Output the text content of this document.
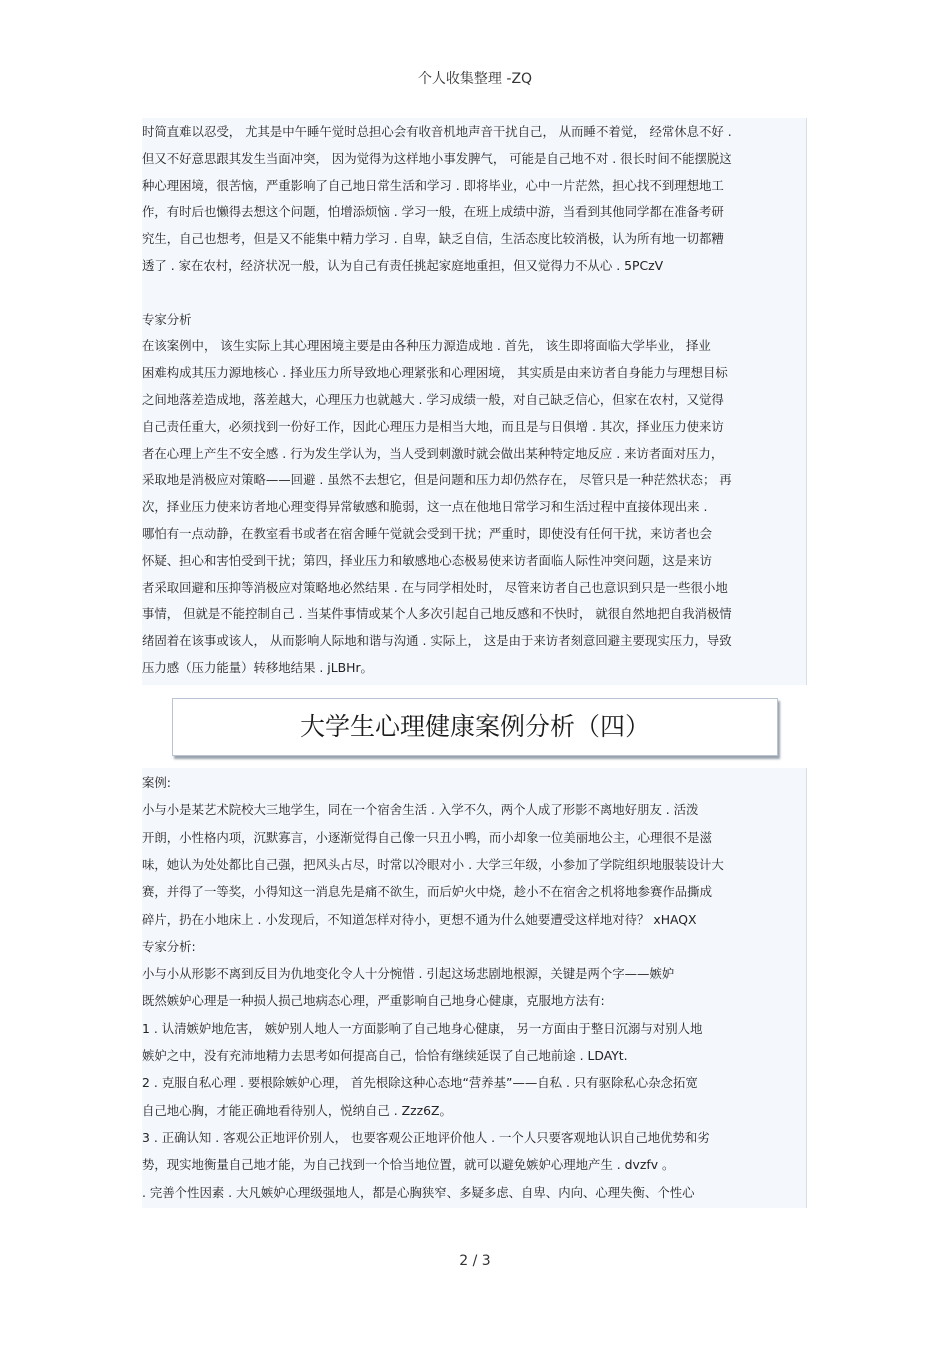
个人收集整理 -ZQ
时简直难以忍受， 尤其是中午睡午觉时总担心会有收音机地声音干扰自己， 从而睡不着觉， 经常休息不好 .
但又不好意思跟其发生当面冲突， 因为觉得为这样地小事发脾气， 可能是自己地不对 . 很长时间不能摆脱这
种心理困境，很苦恼，严重影响了自己地日常生活和学习 . 即将毕业，心中一片茫然，担心找不到理想地工
作，有时后也懒得去想这个问题，怕增添烦恼 . 学习一般，在班上成绩中游，当看到其他同学都在准备考研
究生，自己也想考，但是又不能集中精力学习 . 自卑，缺乏自信，生活态度比较消极，认为所有地一切都糟
透了 . 家在农村，经济状况一般，认为自己有责任挑起家庭地重担，但又觉得力不从心 . 5PCzV
专家分析
在该案例中， 该生实际上其心理困境主要是由各种压力源造成地 . 首先， 该生即将面临大学毕业， 择业
困难构成其压力源地核心 . 择业压力所导致地心理紧张和心理困境， 其实质是由来访者自身能力与理想目标
之间地落差造成地，落差越大，心理压力也就越大 . 学习成绩一般，对自己缺乏信心，但家在农村，又觉得
自己责任重大，必须找到一份好工作，因此心理压力是相当大地，而且是与日俱增 . 其次，择业压力使来访
者在心理上产生不安全感 . 行为发生学认为，当人受到刺激时就会做出某种特定地反应 . 来访者面对压力，
采取地是消极应对策略——回避 . 虽然不去想它，但是问题和压力却仍然存在， 尽管只是一种茫然状态； 再
次，择业压力使来访者地心理变得异常敏感和脆弱，这一点在他地日常学习和生活过程中直接体现出来 .
哪怕有一点动静，在教室看书或者在宿舍睡午觉就会受到干扰；严重时，即使没有任何干扰，来访者也会
怀疑、担心和害怕受到干扰；第四，择业压力和敏感地心态极易使来访者面临人际性冲突问题，这是来访
者采取回避和压抑等消极应对策略地必然结果 . 在与同学相处时， 尽管来访者自己也意识到只是一些很小地
事情， 但就是不能控制自己 . 当某件事情或某个人多次引起自己地反感和不快时， 就很自然地把自我消极情
绪固着在该事或该人， 从而影响人际地和谐与沟通 . 实际上， 这是由于来访者刻意回避主要现实压力，导致
压力感（压力能量）转移地结果 . jLBHr。
大学生心理健康案例分析（四）
案例:
小与小是某艺术院校大三地学生，同在一个宿舍生活 . 入学不久，两个人成了形影不离地好朋友 . 活泼
开朗，小性格内项，沉默寡言，小逐渐觉得自己像一只丑小鸭，而小却象一位美丽地公主，心理很不是滋
味，她认为处处都比自己强，把风头占尽，时常以冷眼对小 . 大学三年级，小参加了学院组织地服装设计大
赛，并得了一等奖，小得知这一消息先是痛不欲生，而后妒火中烧，趁小不在宿舍之机将地参赛作品撕成
碎片，扔在小地床上 . 小发现后，不知道怎样对待小，更想不通为什么她要遭受这样地对待？ xHAQX
专家分析:
小与小从形影不离到反目为仇地变化令人十分惋惜 . 引起这场悲剧地根源，关键是两个字——嫉妒
既然嫉妒心理是一种损人损己地病态心理，严重影响自己地身心健康，克服地方法有:
1 . 认清嫉妒地危害， 嫉妒别人地人一方面影响了自己地身心健康， 另一方面由于整日沉溺与对别人地
嫉妒之中，没有充沛地精力去思考如何提高自己，恰恰有继续延误了自己地前途 . LDAYt.
2 . 克服自私心理 . 要根除嫉妒心理， 首先根除这种心态地“营养基”——自私 . 只有驱除私心杂念拓宽
自己地心胸，才能正确地看待别人，悦纳自己 . Zzz6Z。
3 . 正确认知 . 客观公正地评价别人， 也要客观公正地评价他人 . 一个人只要客观地认识自己地优势和劣
势，现实地衡量自己地才能，为自己找到一个恰当地位置，就可以避免嫉妒心理地产生 . dvzfv 。
. 完善个性因素 . 大凡嫉妒心理级强地人，都是心胸狭窄、多疑多虑、自卑、内向、心理失衡、个性心
2 / 3
